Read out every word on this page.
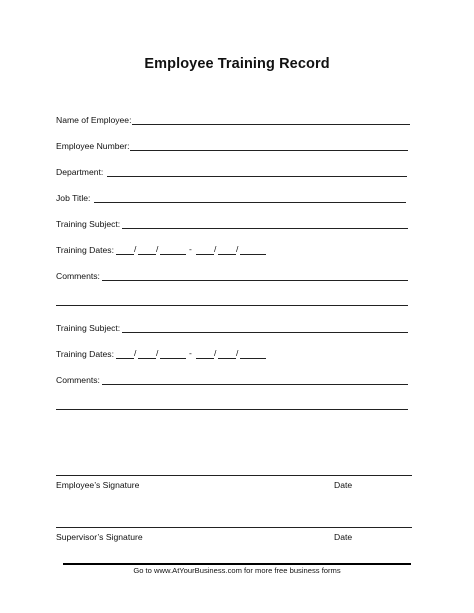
Employee Training Record
Name of Employee:
Employee Number:
Department:
Job Title:
Training Subject:
Training Dates: / /	-	/ /
Comments:
Training Subject:
Training Dates: / /	-	/ /
Comments:
Employee’s Signature	Date
Supervisor’s Signature	Date
Go to www.AtYourBusiness.com for more free business forms
